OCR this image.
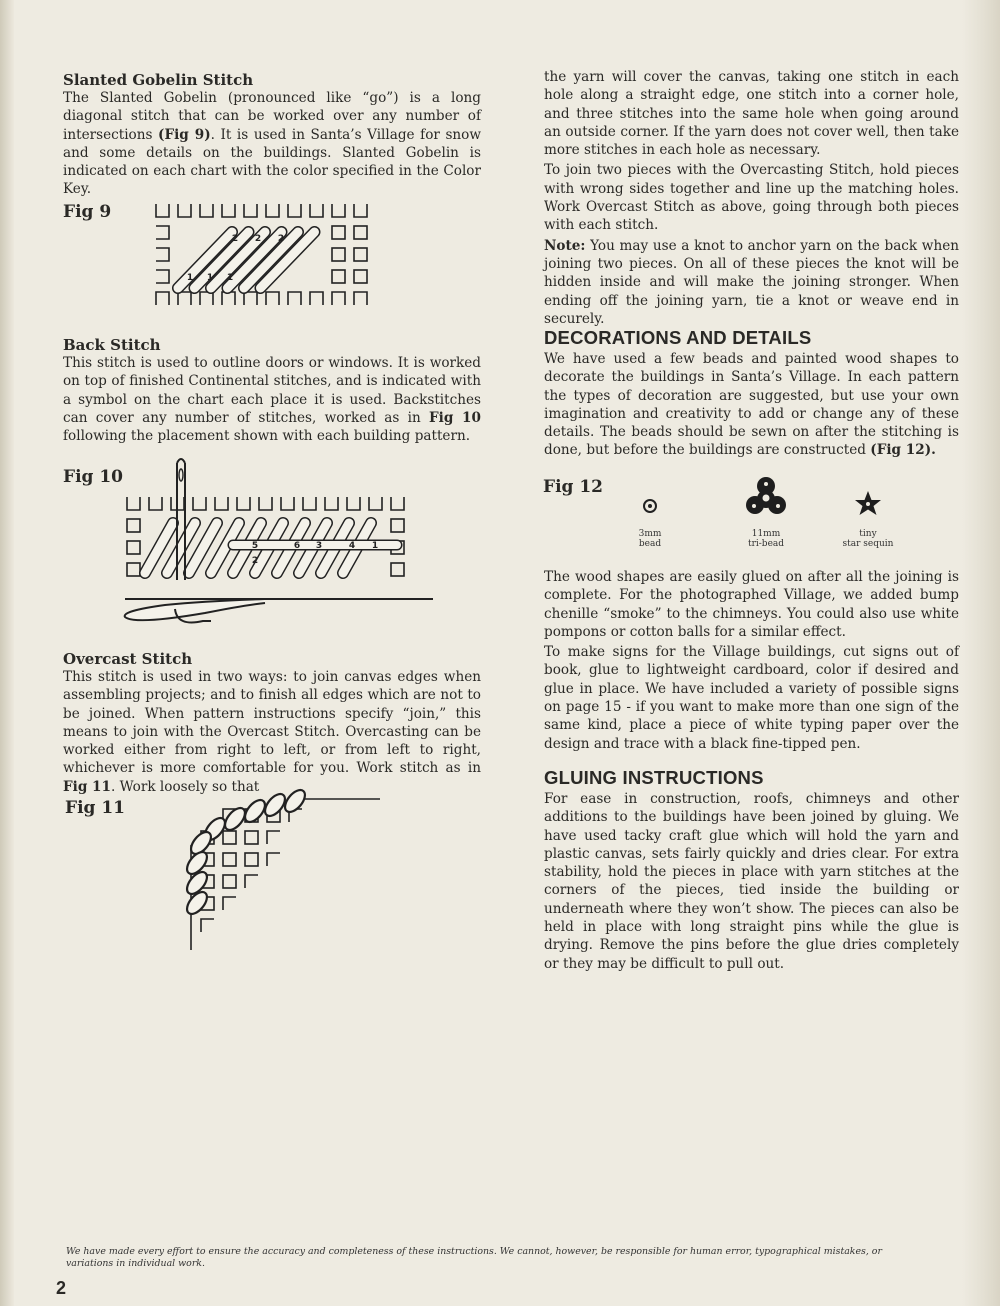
Slanted Gobelin Stitch

The Slanted Gobelin (pronounced like “go”) is a long diagonal stitch that can be worked over any number of intersections (Fig 9). It is used in Santa’s Village for snow and some details on the buildings. Slanted Gobelin is indicated on each chart with the color specified in the Color Key.

Fig 9
2 2 2
1 1 1
Back Stitch

This stitch is used to outline doors or windows. It is worked on top of finished Continental stitches, and is indicated with a symbol on the chart each place it is used. Backstitches can cover any number of stitches, worked as in Fig 10 following the placement shown with each building pattern.

Fig 10
5	6 3	4 1
2
Overcast Stitch

This stitch is used in two ways: to join canvas edges when assembling projects; and to finish all edges which are not to be joined. When pattern instructions specify “join,” this means to join with the Overcast Stitch. Overcasting can be worked either from right to left, or from left to right, whichever is more comfortable for you. Work stitch as in Fig 11. Work loosely so that

Fig 11

the yarn will cover the canvas, taking one stitch in each hole along a straight edge, one stitch into a corner hole, and three stitches into the same hole when going around an outside corner. If the yarn does not cover well, then take more stitches in each hole as necessary.

To join two pieces with the Overcasting Stitch, hold pieces with wrong sides together and line up the matching holes. Work Overcast Stitch as above, going through both pieces with each stitch.

Note: You may use a knot to anchor yarn on the back when joining two pieces. On all of these pieces the knot will be hidden inside and will make the joining stronger. When ending off the joining yarn, tie a knot or weave end in securely.

DECORATIONS AND DETAILS

We have used a few beads and painted wood shapes to decorate the buildings in Santa’s Village. In each pattern the types of decoration are suggested, but use your own imagination and creativity to add or change any of these details. The beads should be sewn on after the stitching is done, but before the buildings are constructed (Fig 12).

Fig 12
3mm
bead
11mm
tri-bead
tiny
star sequin

The wood shapes are easily glued on after all the joining is complete. For the photographed Village, we added bump chenille “smoke” to the chimneys. You could also use white pompons or cotton balls for a similar effect.

To make signs for the Village buildings, cut signs out of book, glue to lightweight cardboard, color if desired and glue in place. We have included a variety of possible signs on page 15 - if you want to make more than one sign of the same kind, place a piece of white typing paper over the design and trace with a black fine-tipped pen.

GLUING INSTRUCTIONS

For ease in construction, roofs, chimneys and other additions to the buildings have been joined by gluing. We have used tacky craft glue which will hold the yarn and plastic canvas, sets fairly quickly and dries clear. For extra stability, hold the pieces in place with yarn stitches at the corners of the pieces, tied inside the building or underneath where they won’t show. The pieces can also be held in place with long straight pins while the glue is drying. Remove the pins before the glue dries completely or they may be difficult to pull out.

We have made every effort to ensure the accuracy and completeness of these instructions. We cannot, however, be responsible for human error, typographical mistakes, or variations in individual work.
2
